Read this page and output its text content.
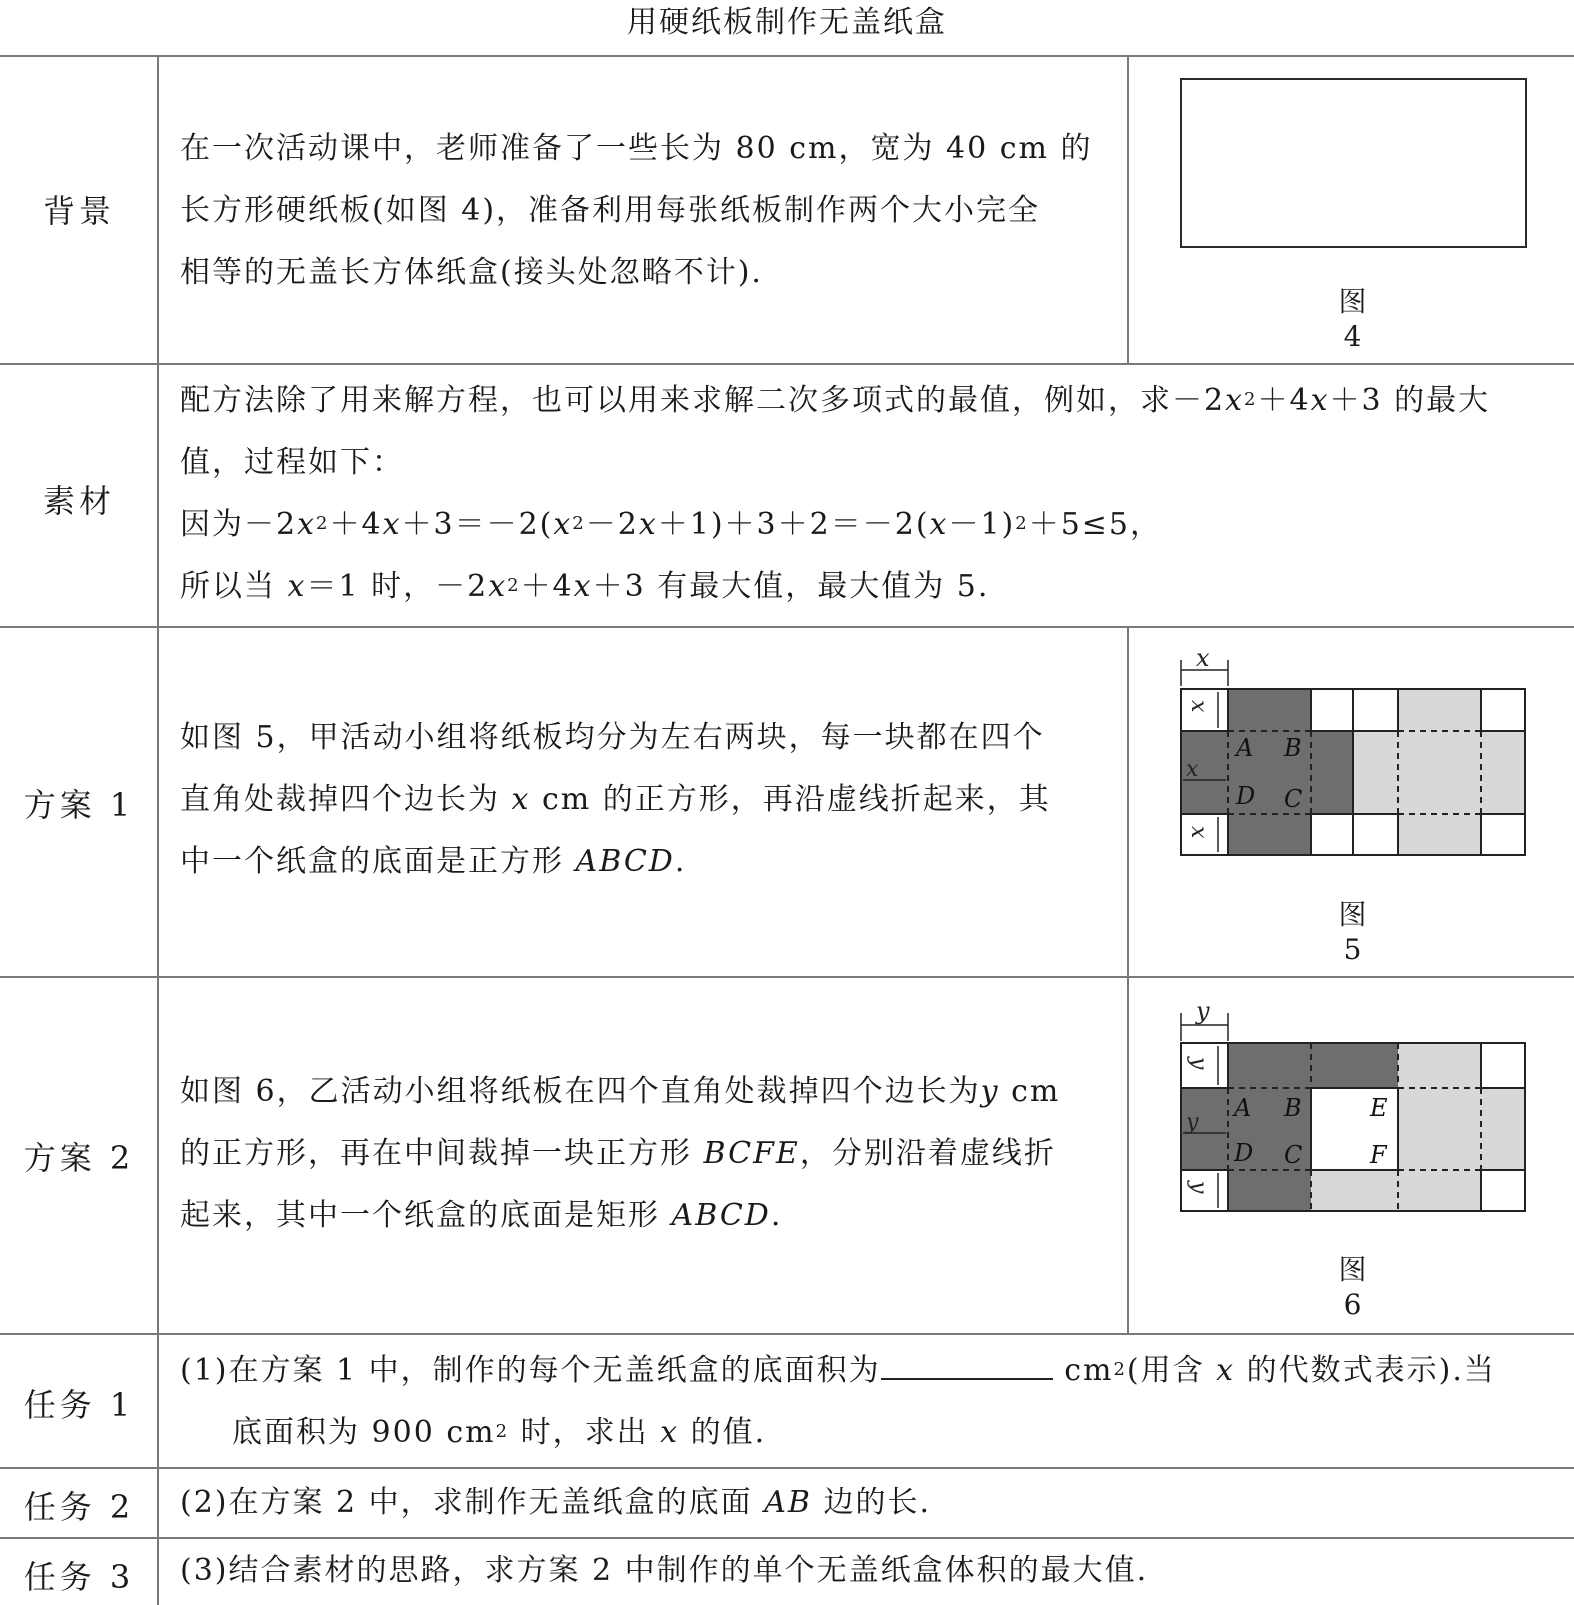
用硬纸板制作无盖纸盒
背景

在一次活动课中，老师准备了一些长为 80 cm，宽为 40 cm 的

长方形硬纸板(如图 4)，准备利用每张纸板制作两个大小完全

相等的无盖长方体纸盒(接头处忽略不计).

图 4
素材

配方法除了用来解方程，也可以用来求解二次多项式的最值，例如，求$-2x^2+4x+3$ 的最大

值，过程如下：

因为$-2x^2+4x+3=-2(x^2-2x+1)+3+2=-2(x-1)^2+5\le 5$，

所以当 x＝1 时，$-2x^2+4x+3$ 有最大值，最大值为 5.

方案 1

如图 5，甲活动小组将纸板均分为左右两块，每一块都在四个

直角处裁掉四个边长为 x cm 的正方形，再沿虚线折起来，其

中一个纸盒的底面是正方形 ABCD.

x
x
x
x
A B
C
D
图 5
方案 2

如图 6，乙活动小组将纸板在四个直角处裁掉四个边长为y cm

的正方形，再在中间裁掉一块正方形 BCFE，分别沿着虚线折

起来，其中一个纸盒的底面是矩形 ABCD.

y
y
y
y
A B
C
D
E
F
图 6
任务 1

(1)在方案 1 中，制作的每个无盖纸盒的底面积为	$cm^2$(用含 x 的代数式表示).当

底面积为 900 $cm^2$ 时，求出 x 的值.

任务 2	(2)在方案 2 中，求制作无盖纸盒的底面 AB 边的长.

任务 3	(3)结合素材的思路，求方案 2 中制作的单个无盖纸盒体积的最大值.
